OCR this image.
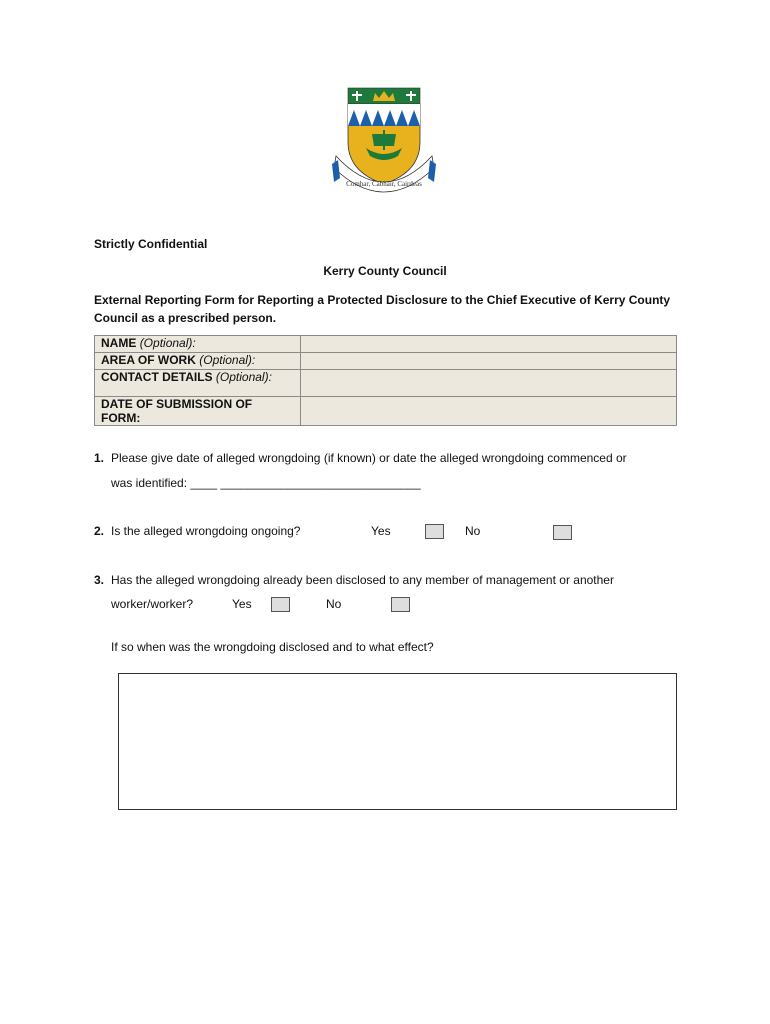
Comhar, Cabhair, Cairdeas
Strictly Confidential
Kerry County Council
External Reporting Form for Reporting a Protected Disclosure to the Chief Executive of Kerry County Council as a prescribed person.
NAME (Optional):	
AREA OF WORK (Optional):	
CONTACT DETAILS (Optional):	
DATE OF SUBMISSION OF FORM:	
1. Please give date of alleged wrongdoing (if known) or date the alleged wrongdoing commenced or
was identified: ____ ______________________________
2. Is the alleged wrongdoing ongoing?	Yes	No
3. Has the alleged wrongdoing already been disclosed to any member of management or another
worker/worker?	Yes	No
If so when was the wrongdoing disclosed and to what effect?
